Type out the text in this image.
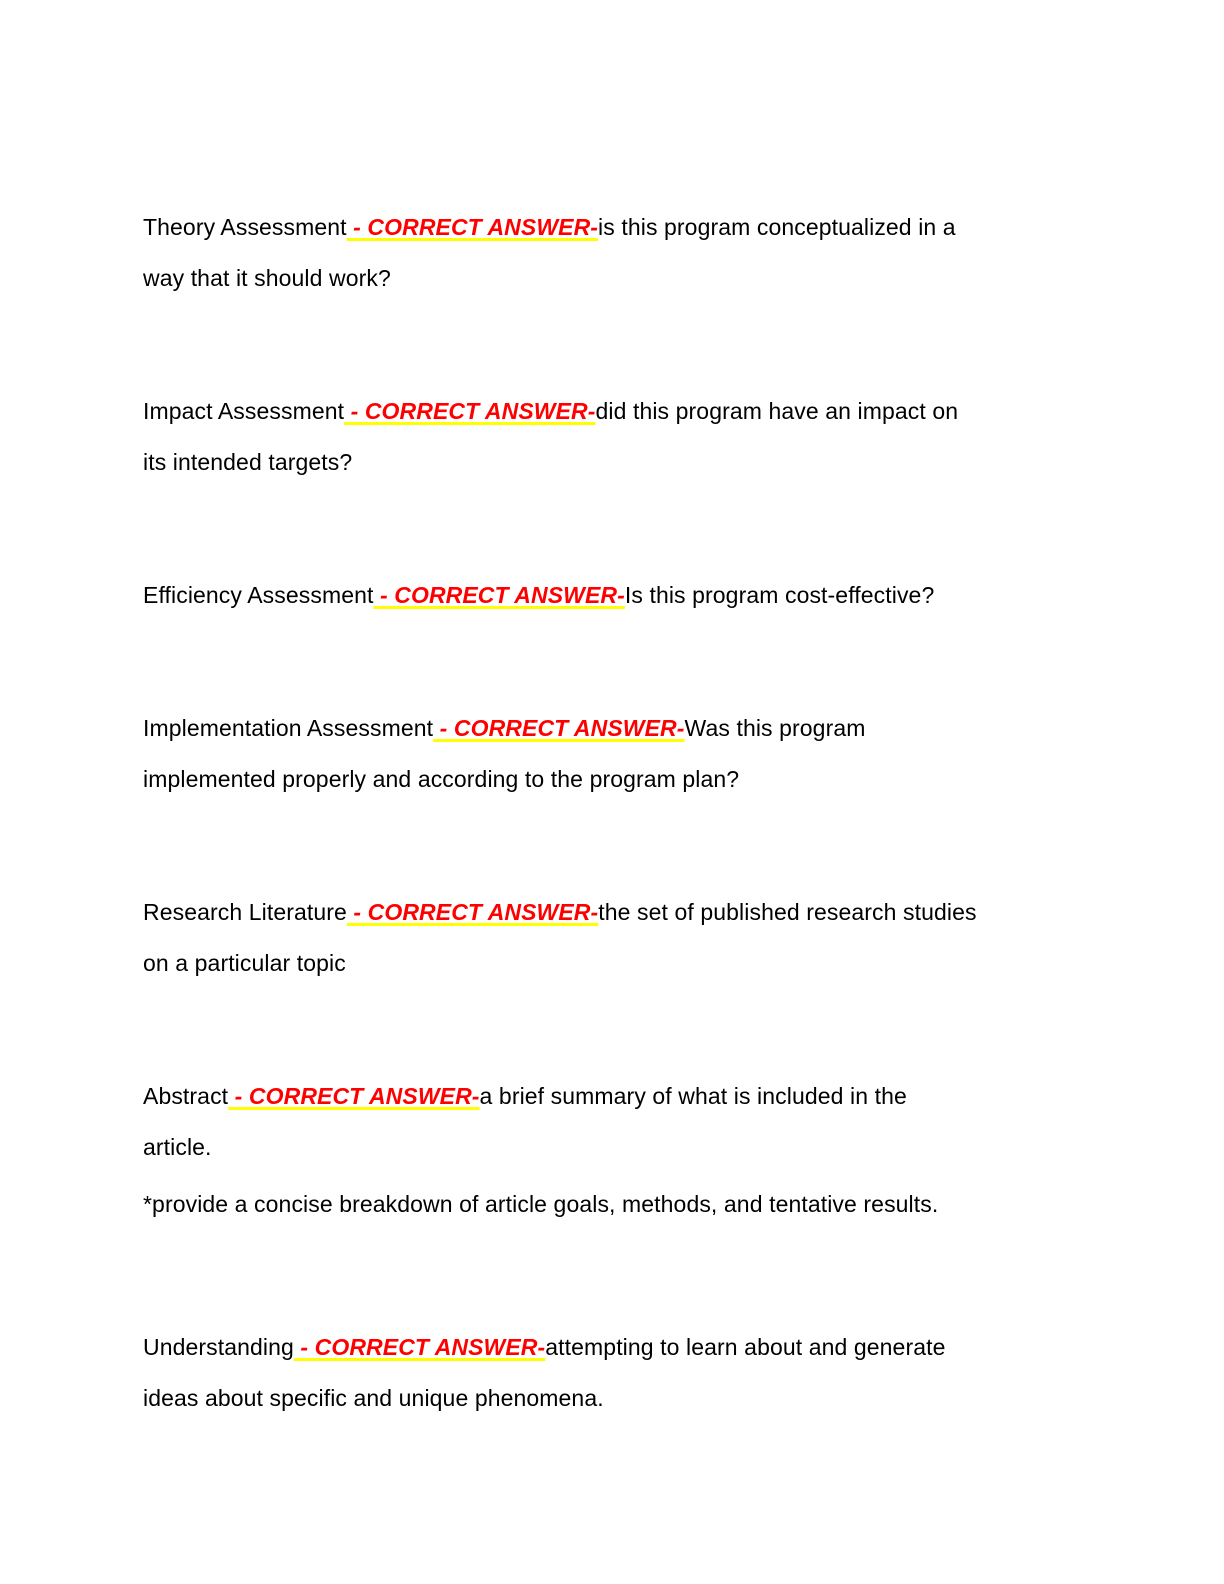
Theory Assessment - CORRECT ANSWER-is this program conceptualized in a
way that it should work?
Impact Assessment - CORRECT ANSWER-did this program have an impact on
its intended targets?
Efficiency Assessment - CORRECT ANSWER-Is this program cost-effective?
Implementation Assessment - CORRECT ANSWER-Was this program
implemented properly and according to the program plan?
Research Literature - CORRECT ANSWER-the set of published research studies
on a particular topic
Abstract - CORRECT ANSWER-a brief summary of what is included in the
article.
*provide a concise breakdown of article goals, methods, and tentative results.
Understanding - CORRECT ANSWER-attempting to learn about and generate
ideas about specific and unique phenomena.
